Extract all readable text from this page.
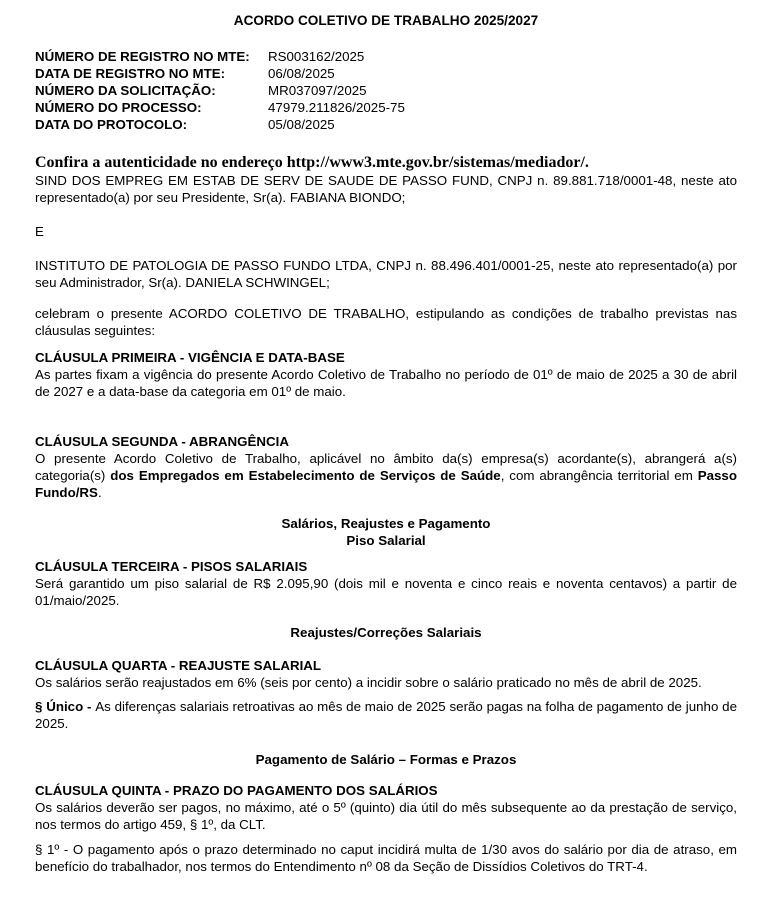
ACORDO COLETIVO DE TRABALHO 2025/2027
NÚMERO DE REGISTRO NO MTE:	RS003162/2025
DATA DE REGISTRO NO MTE:	06/08/2025
NÚMERO DA SOLICITAÇÃO:	MR037097/2025
NÚMERO DO PROCESSO:	47979.211826/2025-75
DATA DO PROTOCOLO:	05/08/2025

Confira a autenticidade no endereço http://www3.mte.gov.br/sistemas/mediador/.

SIND DOS EMPREG EM ESTAB DE SERV DE SAUDE DE PASSO FUND, CNPJ n. 89.881.718/0001-48, neste ato representado(a) por seu Presidente, Sr(a). FABIANA BIONDO;

E

INSTITUTO DE PATOLOGIA DE PASSO FUNDO LTDA, CNPJ n. 88.496.401/0001-25, neste ato representado(a) por seu Administrador, Sr(a). DANIELA SCHWINGEL;

celebram o presente ACORDO COLETIVO DE TRABALHO, estipulando as condições de trabalho previstas nas cláusulas seguintes:

CLÁUSULA PRIMEIRA - VIGÊNCIA E DATA-BASE

As partes fixam a vigência do presente Acordo Coletivo de Trabalho no período de 01º de maio de 2025 a 30 de abril de 2027 e a data-base da categoria em 01º de maio.

CLÁUSULA SEGUNDA - ABRANGÊNCIA

O presente Acordo Coletivo de Trabalho, aplicável no âmbito da(s) empresa(s) acordante(s), abrangerá a(s) categoria(s) dos Empregados em Estabelecimento de Serviços de Saúde, com abrangência territorial em Passo Fundo/RS.

Salários, Reajustes e Pagamento
Piso Salarial
CLÁUSULA TERCEIRA - PISOS SALARIAIS

Será garantido um piso salarial de R$ 2.095,90 (dois mil e noventa e cinco reais e noventa centavos) a partir de 01/maio/2025.

Reajustes/Correções Salariais
CLÁUSULA QUARTA - REAJUSTE SALARIAL

Os salários serão reajustados em 6% (seis por cento) a incidir sobre o salário praticado no mês de abril de 2025.

§ Único - As diferenças salariais retroativas ao mês de maio de 2025 serão pagas na folha de pagamento de junho de 2025.

Pagamento de Salário – Formas e Prazos
CLÁUSULA QUINTA - PRAZO DO PAGAMENTO DOS SALÁRIOS

Os salários deverão ser pagos, no máximo, até o 5º (quinto) dia útil do mês subsequente ao da prestação de serviço, nos termos do artigo 459, § 1º, da CLT.

§ 1º - O pagamento após o prazo determinado no caput incidirá multa de 1/30 avos do salário por dia de atraso, em benefício do trabalhador, nos termos do Entendimento nº 08 da Seção de Dissídios Coletivos do TRT-4.
